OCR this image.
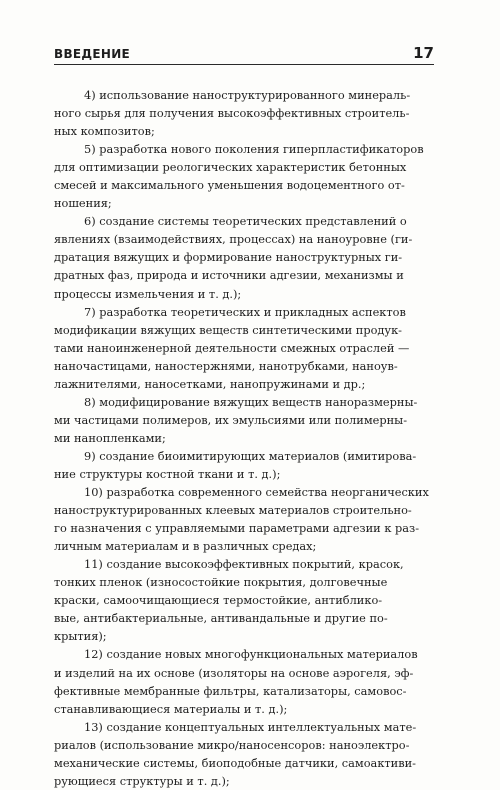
ВВЕДЕНИЕ	17
4) использование наноструктурированного минераль-
ного сырья для получения высокоэффективных строитель-
ных композитов;
5) разработка нового поколения гиперпластификаторов
для оптимизации реологических характеристик бетонных
смесей и максимального уменьшения водоцементного от-
ношения;
6) создание системы теоретических представлений о
явлениях (взаимодействиях, процессах) на наноуровне (ги-
дратация вяжущих и формирование наноструктурных ги-
дратных фаз, природа и источники адгезии, механизмы и
процессы измельчения и т. д.);
7) разработка теоретических и прикладных аспектов
модификации вяжущих веществ синтетическими продук-
тами наноинженерной деятельности смежных отраслей —
наночастицами, наностержнями, нанотрубками, наноув-
лажнителями, наносетками, нанопружинами и др.;
8) модифицирование вяжущих веществ наноразмерны-
ми частицами полимеров, их эмульсиями или полимерны-
ми нанопленками;
9) создание биоимитирующих материалов (имитирова-
ние структуры костной ткани и т. д.);
10) разработка современного семейства неорганических
наноструктурированных клеевых материалов строительно-
го назначения с управляемыми параметрами адгезии к раз-
личным материалам и в различных средах;
11) создание высокоэффективных покрытий, красок,
тонких пленок (износостойкие покрытия, долговечные
краски, самоочищающиеся термостойкие, антиблико-
вые, антибактериальные, антивандальные и другие по-
крытия);
12) создание новых многофункциональных материалов
и изделий на их основе (изоляторы на основе аэрогеля, эф-
фективные мембранные фильтры, катализаторы, самовос-
станавливающиеся материалы и т. д.);
13) создание концептуальных интеллектуальных мате-
риалов (использование микро/наносенсоров: наноэлектро-
механические системы, биоподобные датчики, самоактиви-
рующиеся структуры и т. д.);
